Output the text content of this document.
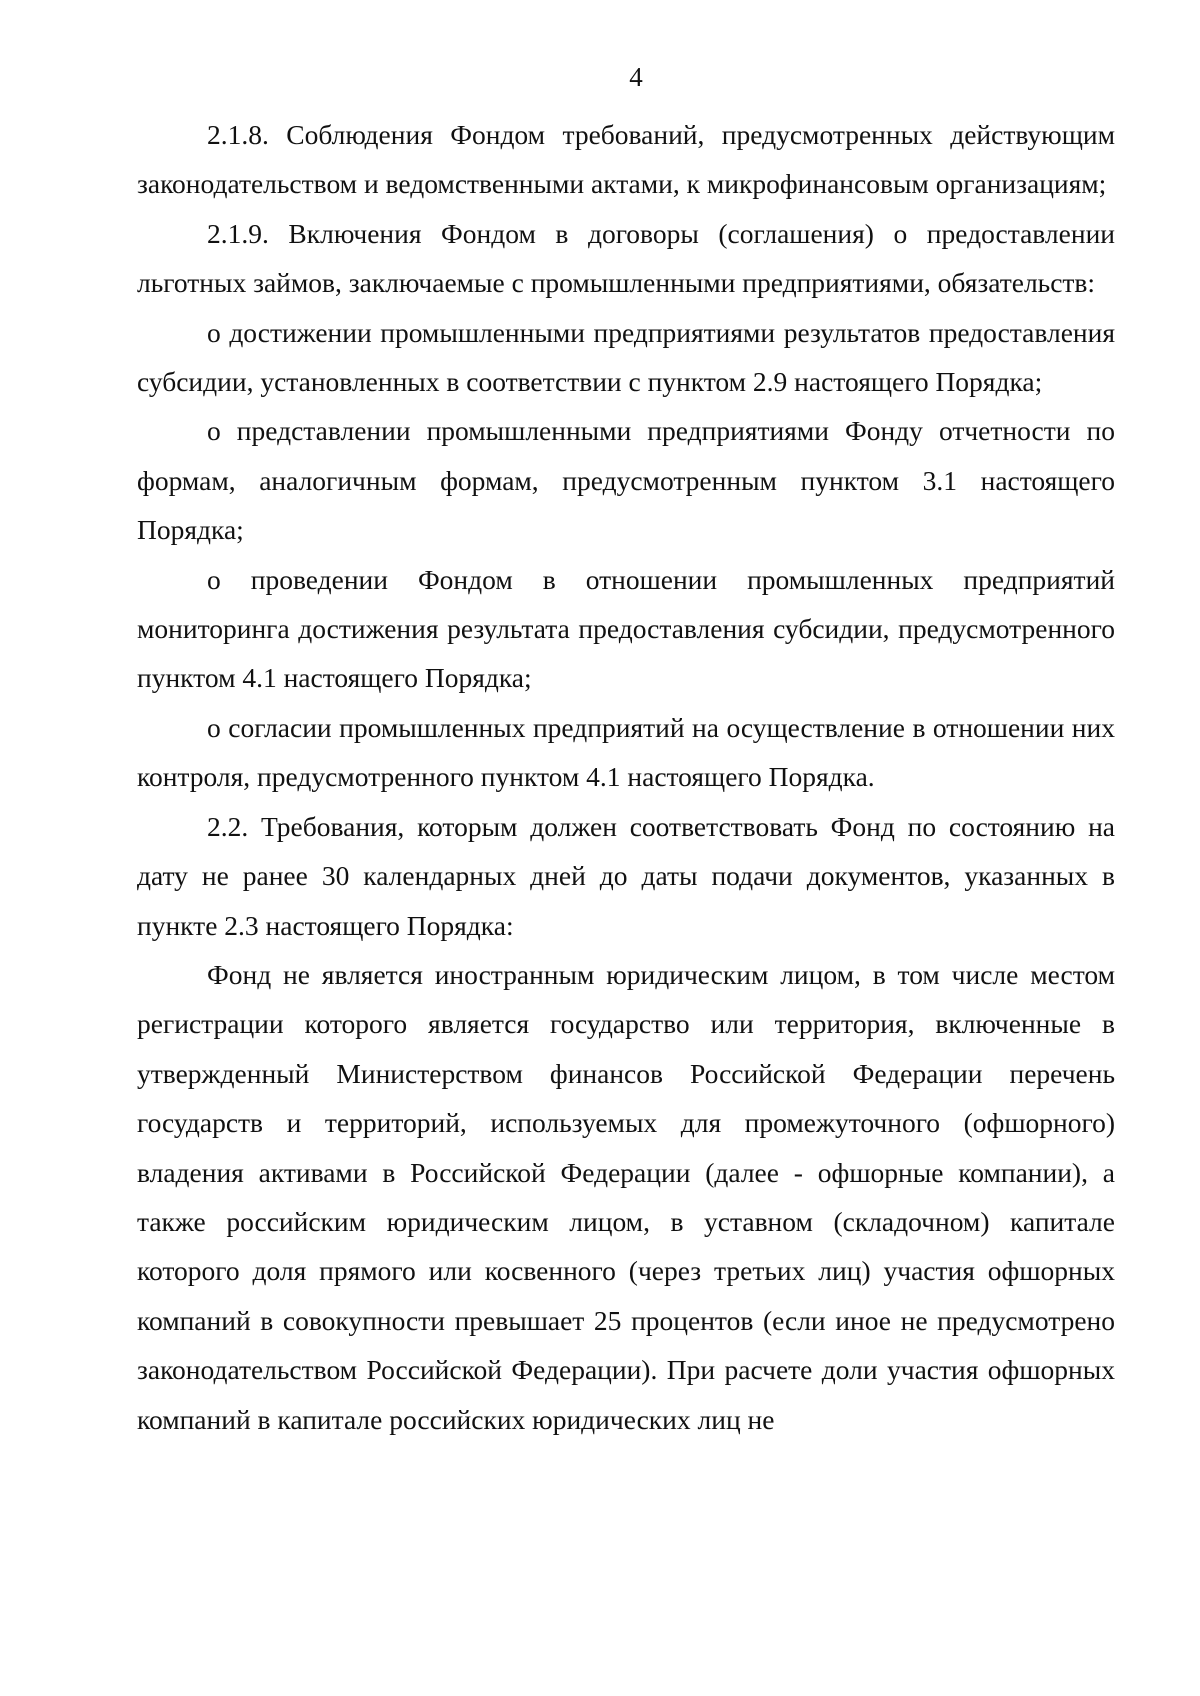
4

2.1.8. Соблюдения Фондом требований, предусмотренных действующим законодательством и ведомственными актами, к микрофинансовым организациям;

2.1.9. Включения Фондом в договоры (соглашения) о предоставлении льготных займов, заключаемые с промышленными предприятиями, обязательств:

о достижении промышленными предприятиями результатов предоставления субсидии, установленных в соответствии с пунктом 2.9 настоящего Порядка;

о представлении промышленными предприятиями Фонду отчетности по формам, аналогичным формам, предусмотренным пунктом 3.1 настоящего Порядка;

о проведении Фондом в отношении промышленных предприятий мониторинга достижения результата предоставления субсидии, предусмотренного пунктом 4.1 настоящего Порядка;

о согласии промышленных предприятий на осуществление в отношении них контроля, предусмотренного пунктом 4.1 настоящего Порядка.

2.2. Требования, которым должен соответствовать Фонд по состоянию на дату не ранее 30 календарных дней до даты подачи документов, указанных в пункте 2.3 настоящего Порядка:

Фонд не является иностранным юридическим лицом, в том числе местом регистрации которого является государство или территория, включенные в утвержденный Министерством финансов Российской Федерации перечень государств и территорий, используемых для промежуточного (офшорного) владения активами в Российской Федерации (далее - офшорные компании), а также российским юридическим лицом, в уставном (складочном) капитале которого доля прямого или косвенного (через третьих лиц) участия офшорных компаний в совокупности превышает 25 процентов (если иное не предусмотрено законодательством Российской Федерации). При расчете доли участия офшорных компаний в капитале российских юридических лиц не
